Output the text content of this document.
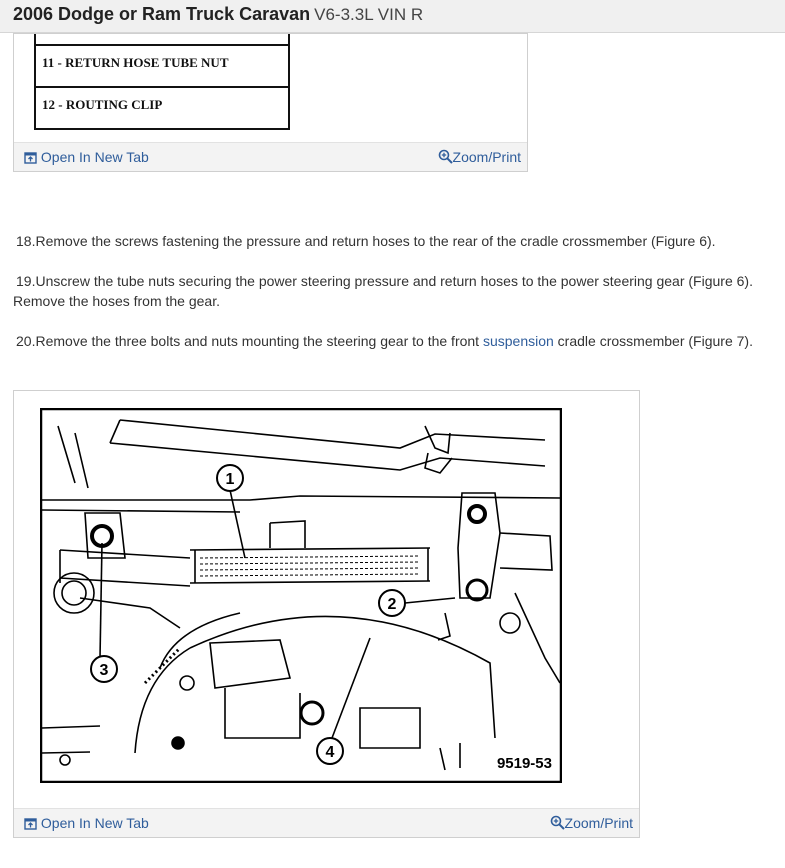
2006 Dodge or Ram Truck Caravan V6-3.3L VIN R
11 - RETURN HOSE TUBE NUT
12 - ROUTING CLIP
Open In New Tab	Zoom/Print
18.Remove the screws fastening the pressure and return hoses to the rear of the cradle crossmember (Figure 6).
19.Unscrew the tube nuts securing the power steering pressure and return hoses to the power steering gear (Figure 6). Remove the hoses from the gear.
20.Remove the three bolts and nuts mounting the steering gear to the front suspension cradle crossmember (Figure 7).
1
2
3
4
9519-53
Open In New Tab	Zoom/Print
